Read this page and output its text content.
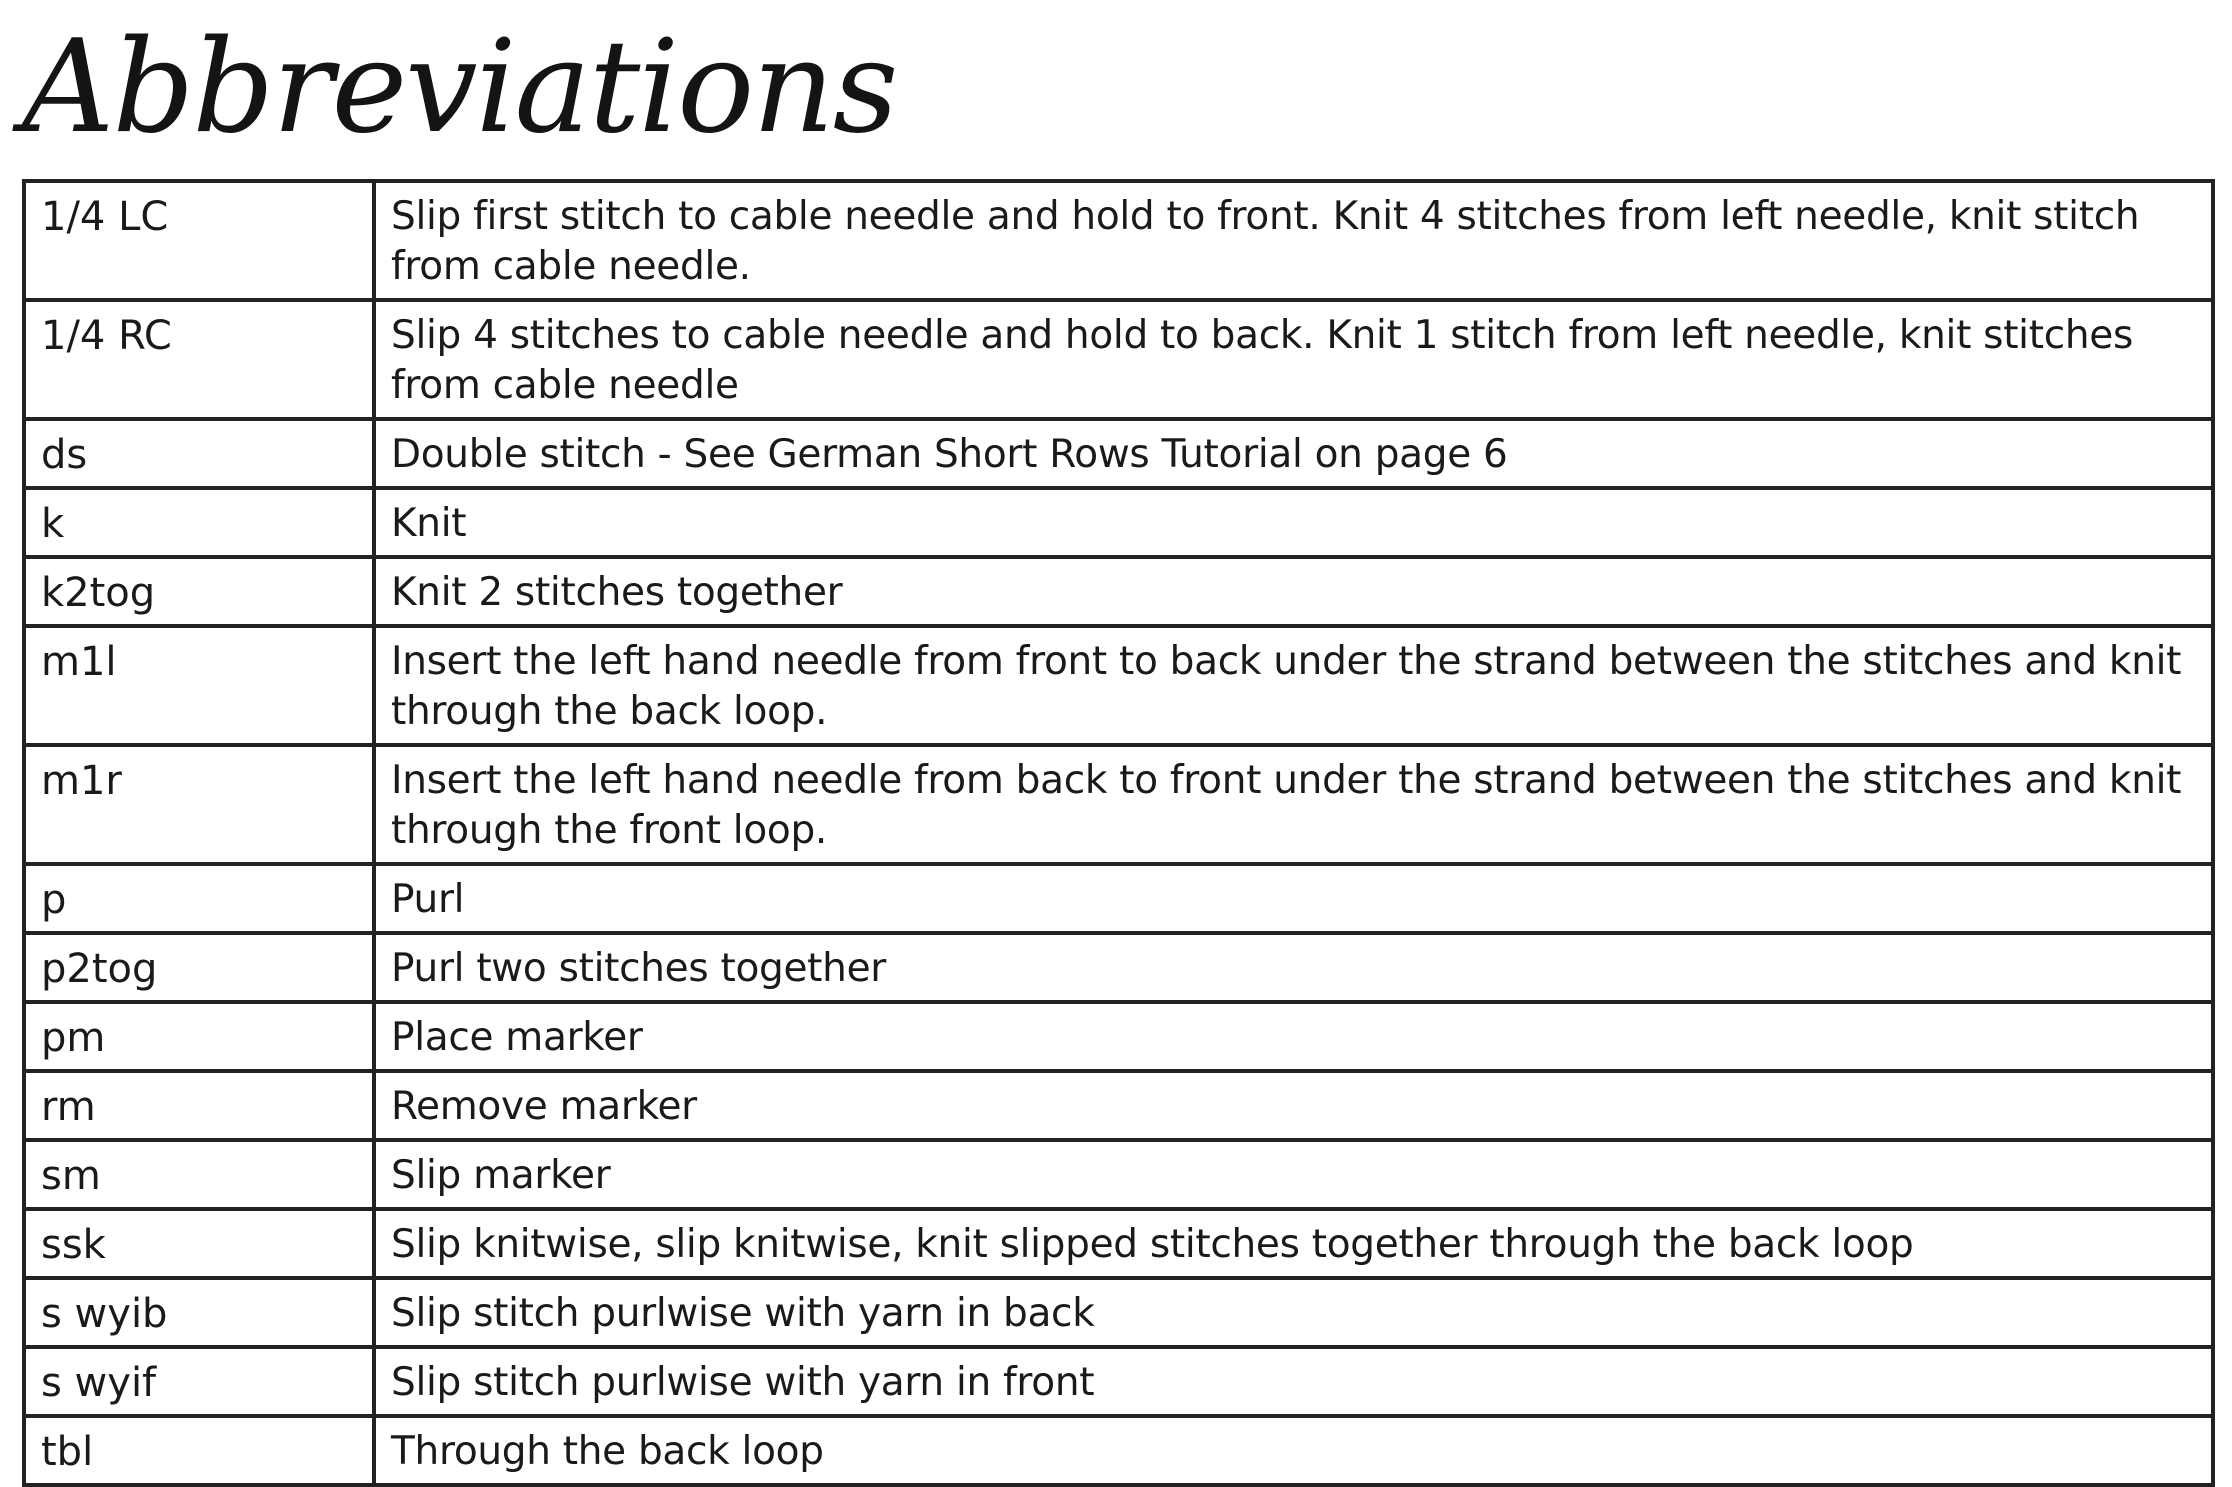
Abbreviations
1/4 LC	Slip first stitch to cable needle and hold to front. Knit 4 stitches from left needle, knit stitch from cable needle.
1/4 RC	Slip 4 stitches to cable needle and hold to back. Knit 1 stitch from left needle, knit stitches from cable needle
ds	Double stitch - See German Short Rows Tutorial on page 6
k	Knit
k2tog	Knit 2 stitches together
m1l	Insert the left hand needle from front to back under the strand between the stitches and knit through the back loop.
m1r	Insert the left hand needle from back to front under the strand between the stitches and knit through the front loop.
p	Purl
p2tog	Purl two stitches together
pm	Place marker
rm	Remove marker
sm	Slip marker
ssk	Slip knitwise, slip knitwise, knit slipped stitches together through the back loop
s wyib	Slip stitch purlwise with yarn in back
s wyif	Slip stitch purlwise with yarn in front
tbl	Through the back loop
